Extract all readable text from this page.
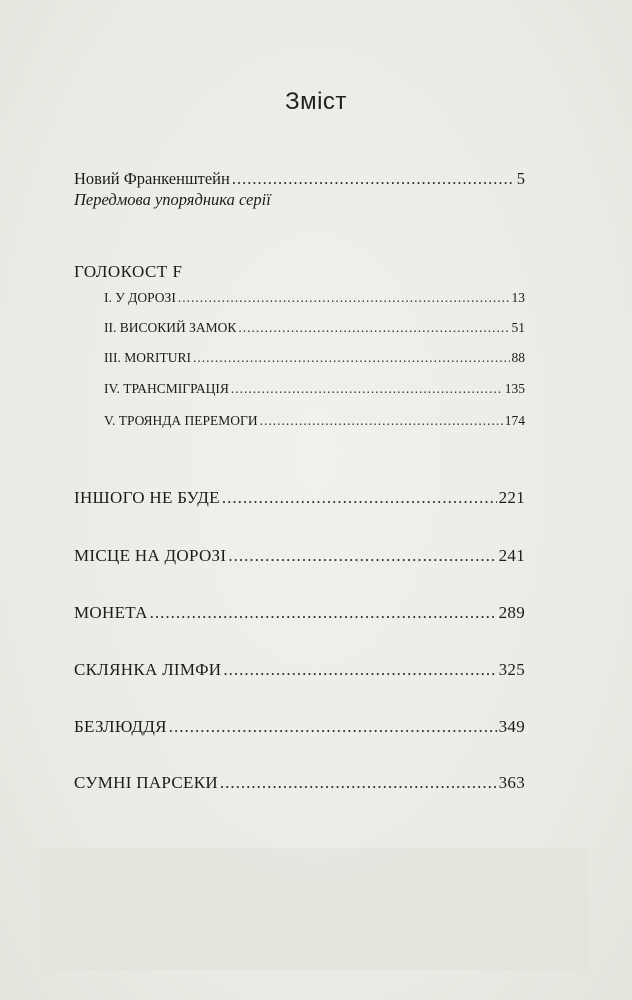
Зміст
Новий Франкенштейн .....	5
Передмова упорядника серії
ГОЛОКОСТ F
I. У ДОРОЗІ .....	13
II. ВИСОКИЙ ЗАМОК .....	51
III. MORITURI .....	88
IV. ТРАНСМІГРАЦІЯ .....	135
V. ТРОЯНДА ПЕРЕМОГИ .....	174
ІНШОГО НЕ БУДЕ .....	221
МІСЦЕ НА ДОРОЗІ .....	241
МОНЕТА .....	289
СКЛЯНКА ЛІМФИ .....	325
БЕЗЛЮДДЯ .....	349
СУМНІ ПАРСЕКИ .....	363
